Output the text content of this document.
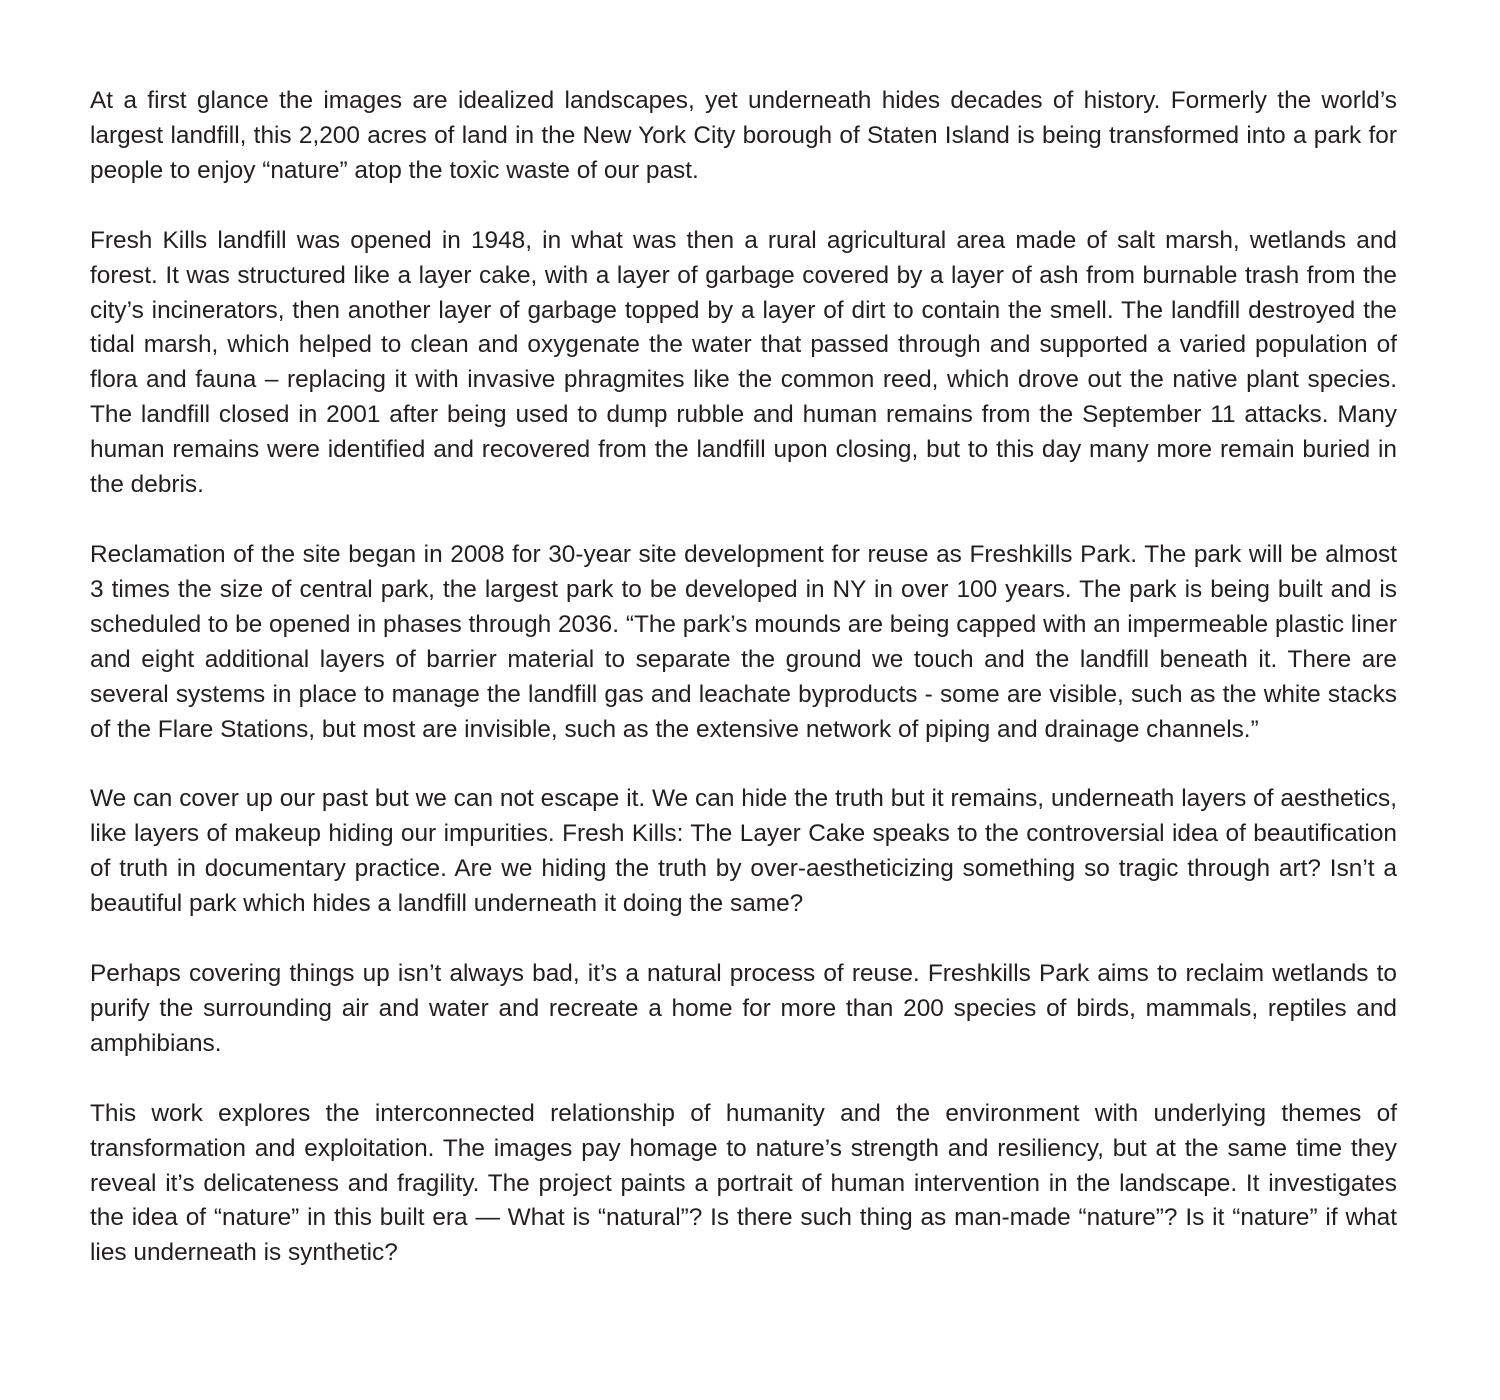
At a first glance the images are idealized landscapes, yet underneath hides decades of history. Formerly the world’s largest landfill, this 2,200 acres of land in the New York City borough of Staten Island is being transformed into a park for people to enjoy “nature” atop the toxic waste of our past.

Fresh Kills landfill was opened in 1948, in what was then a rural agricultural area made of salt marsh, wetlands and forest. It was structured like a layer cake, with a layer of garbage covered by a layer of ash from burnable trash from the city’s incinerators, then another layer of garbage topped by a layer of dirt to contain the smell. The landfill destroyed the tidal marsh, which helped to clean and oxygenate the water that passed through and supported a varied population of flora and fauna – replacing it with invasive phragmites like the common reed, which drove out the native plant species. The landfill closed in 2001 after being used to dump rubble and human remains from the September 11 attacks. Many human remains were identified and recovered from the landfill upon closing, but to this day many more remain buried in the debris.

Reclamation of the site began in 2008 for 30-year site development for reuse as Freshkills Park. The park will be almost 3 times the size of central park, the largest park to be developed in NY in over 100 years. The park is being built and is scheduled to be opened in phases through 2036. “The park’s mounds are being capped with an impermeable plastic liner and eight additional layers of barrier material to separate the ground we touch and the landfill beneath it. There are several systems in place to manage the landfill gas and leachate byproducts - some are visible, such as the white stacks of the Flare Stations, but most are invisible, such as the extensive network of piping and drainage channels.”

We can cover up our past but we can not escape it. We can hide the truth but it remains, underneath layers of aesthetics, like layers of makeup hiding our impurities. Fresh Kills: The Layer Cake speaks to the controversial idea of beautification of truth in documentary practice. Are we hiding the truth by over-aestheticizing something so tragic through art? Isn’t a beautiful park which hides a landfill underneath it doing the same?

Perhaps covering things up isn’t always bad, it’s a natural process of reuse. Freshkills Park aims to reclaim wetlands to purify the surrounding air and water and recreate a home for more than 200 species of birds, mammals, reptiles and amphibians.

This work explores the interconnected relationship of humanity and the environment with underlying themes of transformation and exploitation. The images pay homage to nature’s strength and resiliency, but at the same time they reveal it’s delicateness and fragility. The project paints a portrait of human intervention in the landscape. It investigates the idea of “nature” in this built era — What is “natural”? Is there such thing as man-made “nature”? Is it “nature” if what lies underneath is synthetic?
